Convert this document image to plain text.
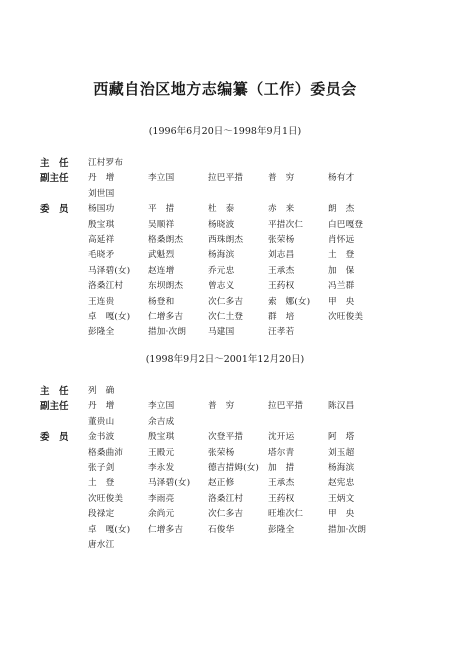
西藏自治区地方志编纂（工作）委员会
(1996年6月20日～1998年9月1日)
主　任	江村罗布
副主任	丹　增	李立国	拉巴平措	普　穷	杨有才
刘世国
委　员	杨国功	平　措	杜　泰	赤　来	朗　杰
殷宝琪	吴顺祥	杨晓波	平措次仁	白巴嘎登
高延祥	格桑朗杰	西珠朗杰	张荣杨	肖怀远
毛晓矛	武魁烈	杨海滨	刘志昌	土　登
马泽碧(女) 赵连增	乔元忠	王承杰	加　保
洛桑江村	东坝朗杰	曾志义	王药权	冯兰群
王连贵	杨登和	次仁多吉	索　娜(女) 甲　央
卓　嘎(女) 仁增多吉	次仁土登	群　培	次旺俊美
彭隆全	措加·次朗	马建国	汪孝若
(1998年9月2日～2001年12月20日)
主　任	列　确
副主任	丹　增	李立国	普　穷	拉巴平措	陈汉昌
董贵山	余吉成
委　员	金书波	殷宝琪	次登平措	沈开运	阿　塔
格桑曲沛	王殿元	张荣杨	塔尔青	刘玉超
张子剑	李永发	德吉措姆(女) 加　措	杨海滨
土　登	马泽碧(女) 赵正修	王承杰	赵宪忠
次旺俊美	李雨亮	洛桑江村	王药权	王炳文
段禄定	余尚元	次仁多吉	旺堆次仁	甲　央
卓　嘎(女) 仁增多吉	石俊华	彭隆全	措加·次朗
唐水江
